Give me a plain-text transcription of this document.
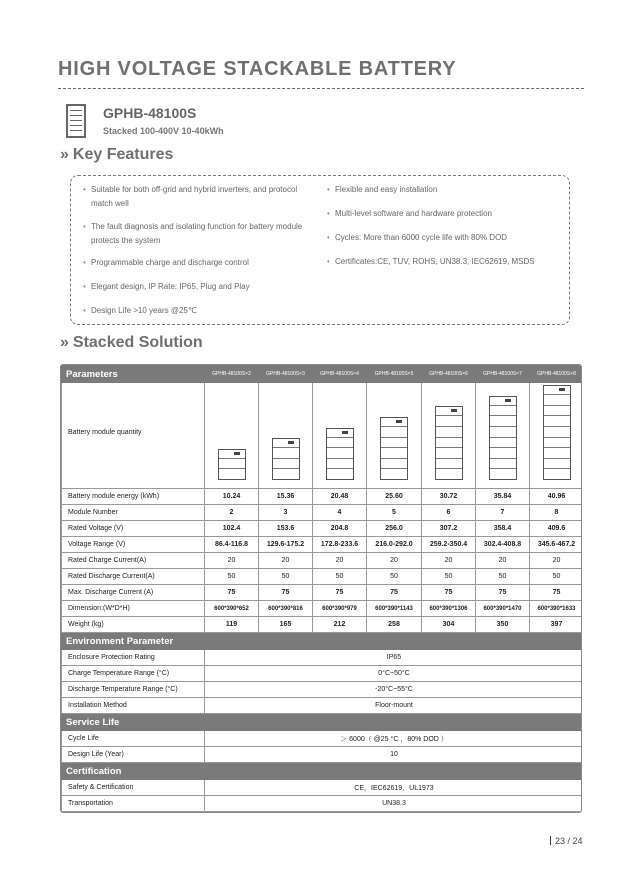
HIGH VOLTAGE STACKABLE BATTERY
GPHB-48100S
Stacked 100-400V 10-40kWh
» Key Features
• Suitable for both off-grid and hybrid inverters, and protocol match well
• The fault diagnosis and isolating function for battery module protects the system
• Programmable charge and discharge control
• Elegant design, IP Rate: IP65, Plug and Play
• Design Life >10 years @25℃
• Flexible and easy installation
• Multi-level software and hardware protection
• Cycles: More than 6000 cycle life with 80% DOD
• Certificates:CE, TUV, ROHS, UN38.3, IEC62619, MSDS
» Stacked Solution
Parameters	GPHB-48100S×2	GPHB-48100S×3	GPHB-48100S×4	GPHB-48100S×5	GPHB-48100S×6	GPHB-48100S×7	GPHB-48100S×8
Battery module quantity	

Battery module energy (kWh)	10.24	15.36	20.48	25.60	30.72	35.84	40.96
Module Number	2	3	4	5	6	7	8
Rated Voltage (V)	102.4	153.6	204.8	256.0	307.2	358.4	409.6
Voltage Range (V)	86.4-116.8	129.6-175.2	172.8-233.6	216.0-292.0	259.2-350.4	302.4-408.8	345.6-467.2
Rated Charge Current(A)	20	20	20	20	20	20	20
Rated Discharge Current(A)	50	50	50	50	50	50	50
Max. Discharge Current (A)	75	75	75	75	75	75	75
Dimension:(W*D*H)	600*390*652	600*390*816	600*390*979	600*390*1143	600*390*1306	600*390*1470	600*390*1633
Weight (kg)	119	165	212	258	304	350	397
Environment Parameter							
Enclosure Protection Rating	IP65						
Charge Temperature Range (°C)	0°C~50°C						
Discharge Temperature Range (°C)	-20°C~55°C						
Installation Method	Floor-mount						
Service Life							
Cycle Life	＞ 6000（ @25 °C ，80% DOD ）						
Design Life (Year)	10						
Certification							
Safety & Certification	CE，IEC62619，UL1973						
Transportation	UN38.3						
23 / 24
